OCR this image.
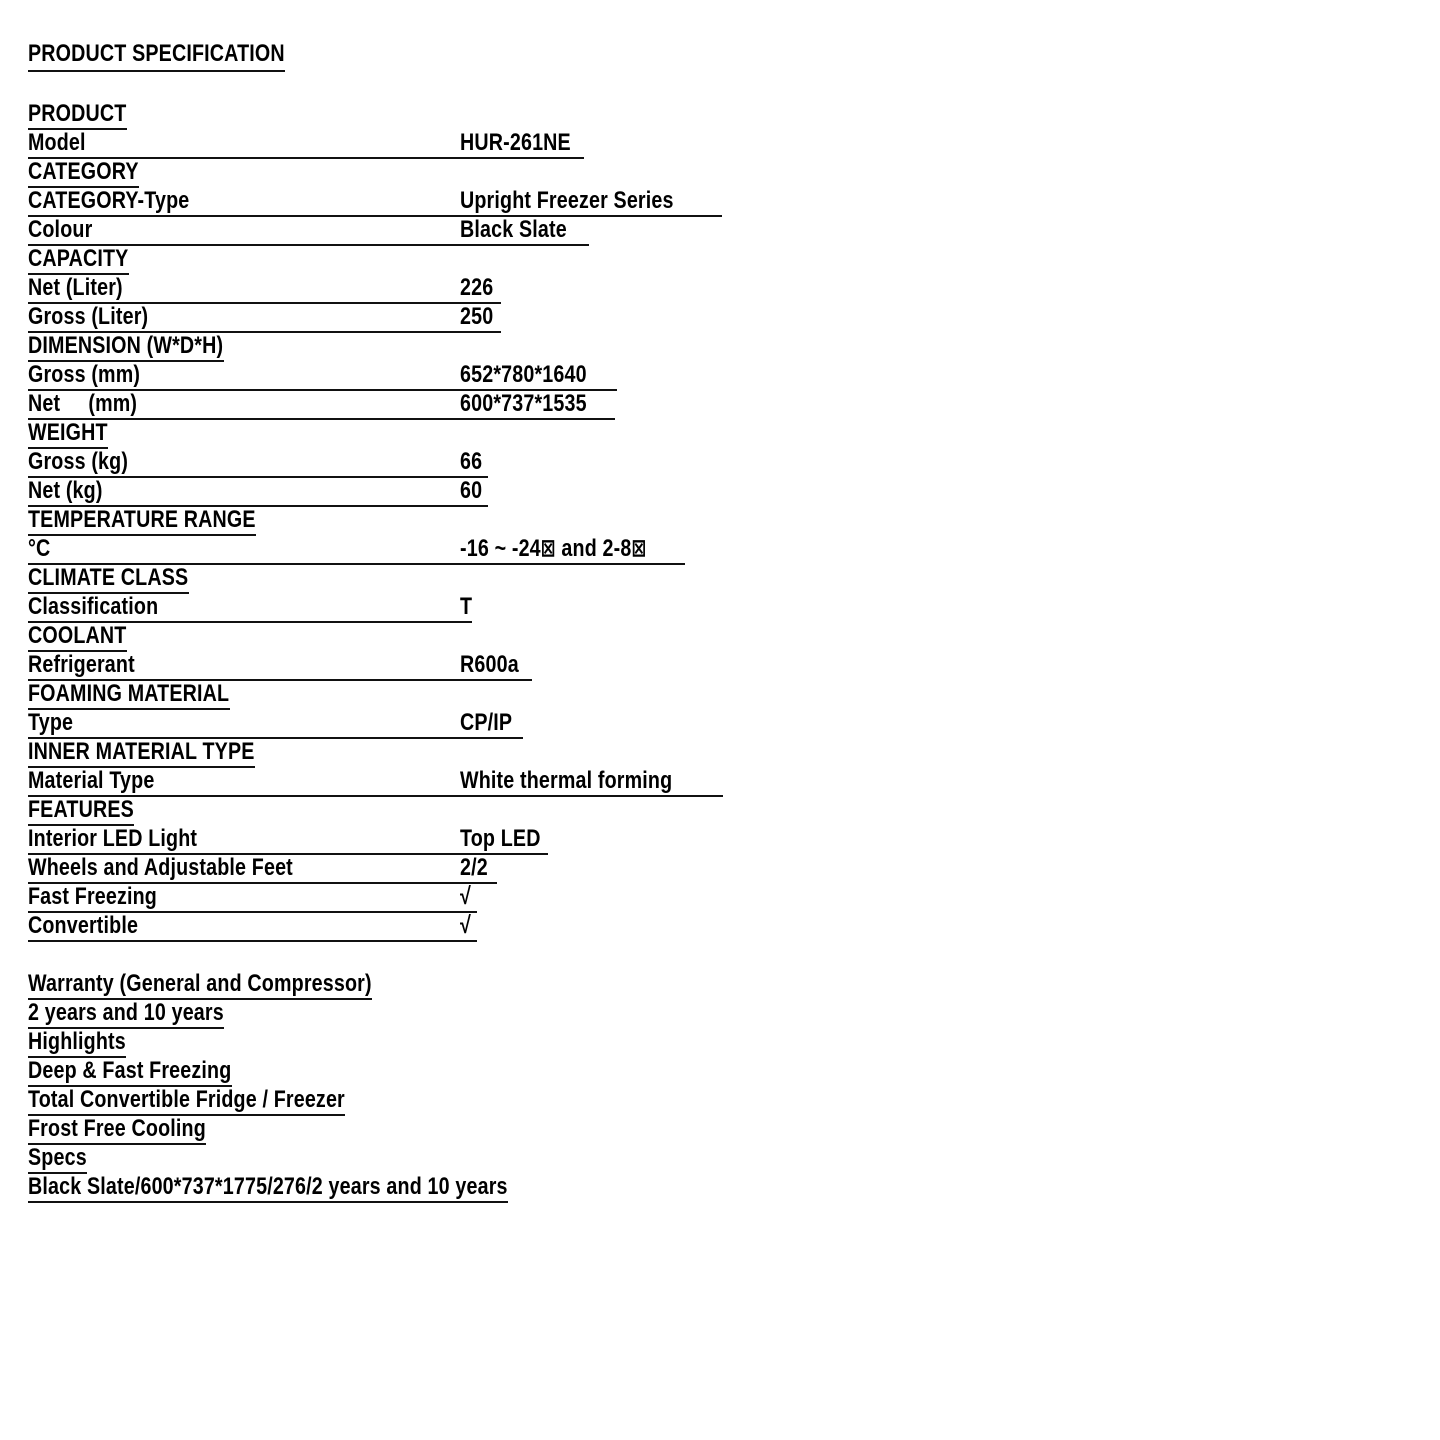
PRODUCT SPECIFICATION
PRODUCT
Model	HUR-261NE
CATEGORY
CATEGORY-Type	Upright Freezer Series
Colour	Black Slate
CAPACITY
Net (Liter)	226
Gross (Liter)	250
DIMENSION (W*D*H)
Gross (mm)	652*780*1640
Net     (mm)	600*737*1535
WEIGHT
Gross (kg)	66
Net (kg)	60
TEMPERATURE RANGE
°C	-16 ~ -24⊠ and 2-8⊠
CLIMATE CLASS
Classification	T
COOLANT
Refrigerant	R600a
FOAMING MATERIAL
Type	CP/IP
INNER MATERIAL TYPE
Material Type	White thermal forming
FEATURES
Interior LED Light	Top LED
Wheels and Adjustable Feet	2/2
Fast Freezing	√
Convertible	√
Warranty (General and Compressor)
2 years and 10 years
Highlights
Deep & Fast Freezing
Total Convertible Fridge / Freezer
Frost Free Cooling
Specs
Black Slate/600*737*1775/276/2 years and 10 years
